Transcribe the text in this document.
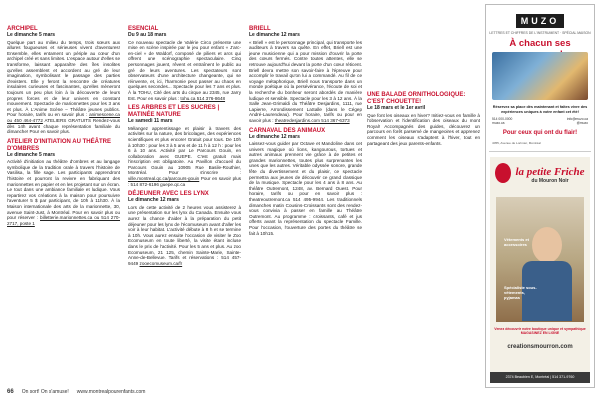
ARCHIPEL
Le dimanche 5 mars
Quelque part au milieu du temps, trois sœurs aux allures fougueuses et sérieuses vivent d'aventures! Ensemble, elles entament un périple au cœur d'un archipel créé et sans limites. L'espace autour d'elles se transforme, laissant apparaître des îles insolites qu'elles assemblent et accordent au gré de leur imagination, symbolisant le passage des parties d'existers. Elle y feront la rencontre de créatures insulaires curieuses et fascinantes, qu'elles mèneront toujours un peu plus loin à la découverte de leurs propres forces et de leur univers en constant mouvement. Spectacle de marionnettes pour les 3 ans et plus. À L'Anime Scène – Théâtre jeunes publics. Pour horaire, tarifs ou en savoir plus : animescene.ca ou 450 464-4772 ATELIERS GRATUITS Rendez-vous dès 14h avant chaque représentation familiale du dimanche! Pour en savoir plus.
ATELIER D'INITIATION AU THÉÂTRE D'OMBRES
Le dimanche 5 mars
Activité d'initiation au théâtre d'ombres et au langage symbolique de la tradition orale à travers l'histoire de Vasilisa, la fille sage. Les participants apprendront l'histoire et pourront la revivre en fabriquant des marionnettes en papier et en les projetant sur un écran. Le tout dans une ambiance familiale et ludique. Vous repartirez vos créations à la maison pour poursuivre l'aventure! 5 $ par participant, de 10h à 11h30. À la Maison internationale des arts de la marionnette, 30, avenue Saint-Just, à Montréal. Pour en savoir plus ou pour réserver : billetterie.marionnettes.ca ou 514 270-2717, poste 1
ESENCIAL
Du 9 au 18 mars
Ce nouveau spectacle de Valérie Circo présente une mise en scène inspirée par le jeu pour enfant « J'arc-en-ciel » de Waldorf, composé de piliers et arcs qui offrent une scénographie spectaculaire. Cinq personnages jouent, rêvent et entraînent le public au gré de leurs aventures. Les spectateurs sont observateurs d'une architecture changeante, qui se réinvente, et, ici, l'harmonie peut passer au chaos en quelques secondes... Spectacle pour les 7 ans et plus. À la TOHU, Cité des arts du cirque au 2345, rue Jarry Est. Pour en savoir plus : tohu.ca 514 376-8648
LES ARBRES ET LES SUCRES | MATINÉE NATURE
Le samedi 11 mars
Mélangez apprentissage et plaisir à travers des activités sur la nature, des bricolages, des expériences scientifiques et plus encore! Gratuit pour tous. De 10h à 10h30 : pour les 3 à 5 ans et de 11 h à 12 h : pour les 6 à 10 ans. Activité par Le Parcours Gouin, en collaboration avec GUEPE. C'est gratuit mais l'inscription est obligatoire. Au Pavillon d'accueil du Parcours Gouin au 10905 Rue Basile-Routhier, Montréal. Pour s'inscrire : ville.montreal.qc.ca/parcours-gouin Pour en savoir plus : 514 872-6196 guepe.qc.ca
DÉJEUNER AVEC LES LYNX
Le dimanche 12 mars
Lors de cette activité de 2 heures vous assisterez à une présentation sur les lynx du Canada. Ensuite vous aurez la chance d'aider à la préparation du petit déjeuner pour les lynx de l'écomuseum avant d'aller les voir à leur habitat. L'activité débute à 8 h et se termine à 10h. Vous aurez ensuite l'occasion de visiter le Zoo Ecomuseum en toute liberté, la visite étant incluse dans le prix de l'activité. Pour les 5 ans et plus. Au zoo Ecomuseum, 21 125, chemin Sainte-Marie, Sainte-Anne-de-Bellevue. Tarifs et réservations : 514 457-9449 zooecomuseum.ca/fr
BRIELL
Le dimanche 12 mars
« Briell » est le personnage principal, qui transporte les auditeurs à travers sa quête. En effet, Briell est une jeune musicienne qui a pour mission d'ouvrir la porte des cœurs fermés. Contre toutes attentes, elle se retrouve aujourd'hui devant la porte d'un cœur réticent. Briell devra mettre son savoir-faire à l'épreuve pour accomplir le travail qu'on lui a commandé. Au fil de ce voyage métaphorique, Briell nous transporte dans un monde poétique où la persévérance, l'écoute de soi et la recherche du bonheur seront abordés de manière ludique et sensible. Spectacle pour les 3 à 12 ans. À la Salle Jean-Grimaldi du Théâtre Desjardins, 1111, rue Lapierre, Arrondissement LaSalle (dans le Cégep André-Laurendeau). Pour horaire, tarifs ou pour en savoir plus : theatredesjardins.com 514 367-6373
CARNAVAL DES ANIMAUX
Le dimanche 12 mars
Laissez-vous guider par Octave et Mandoline dans cet univers magique où lions, kangourous, tortues et autres animaux prennent vie grâce à de petites et grandes marionnettes, toutes plus surprenantes les unes que les autres. Véritable odyssée sonore, grande fête du divertissement et du plaisir, ce spectacle permettra aux jeunes de découvrir ce grand classique de la musique. Spectacle pour les 4 ans à 8 ans. Au théâtre Outremont, 1248, av. Bernard Ouest. Pour horaire, tarifs ou pour en savoir plus : theatreoutremont.ca 514 495-9944. Les traditionnels dimanches matin Cousins-Croissants sont des rendez-vous convivia à passer en famille au Théâtre Outremont. Au programme : croissants, café et jus offerts avant la représentation du spectacle Famille. Pour l'occasion, l'ouverture des portes du théâtre se fait à 10h15.
UNE BALADE ORNITHOLOGIQUE: C'EST CHOUETTE!
Le 18 mars et le 1er avril
Que font les oiseaux en hiver? Initiez-vous en famille à l'observation et l'identification des oiseaux du mont Royal! Accompagnés des guides, découvrez un parcours en forêt parsemé de mangeoires et apprenez comment les oiseaux s'adaptent à l'hiver, tout en partageant des jeux parents-enfants.
MUZO
LETTRES ET CHIFFRES DE L'INSTRUMENT · SPÉCIAL MAISON
À chacun ses
Réservez sa place dès maintenant et faites vivre des expériences uniques à votre enfant cet été!
514 000-0000	info@muzo.ca
muzo.ca	@muzo
Pour ceux qui ont du flair!
4055, Avenue de Lorimier, Montréal
la petite Friche
du Mouron Noir
Vêtements et accessoires
Spécialiste sous-vêtements, pyjamas
Venez découvrir notre boutique unique et sympathique MAGASINEZ EN LIGNE
creationsmourron.com
2374 Beaubien E, Montréal | 514 371-9760
66 On sort! On s'amuse! www.montrealpourenfants.com
